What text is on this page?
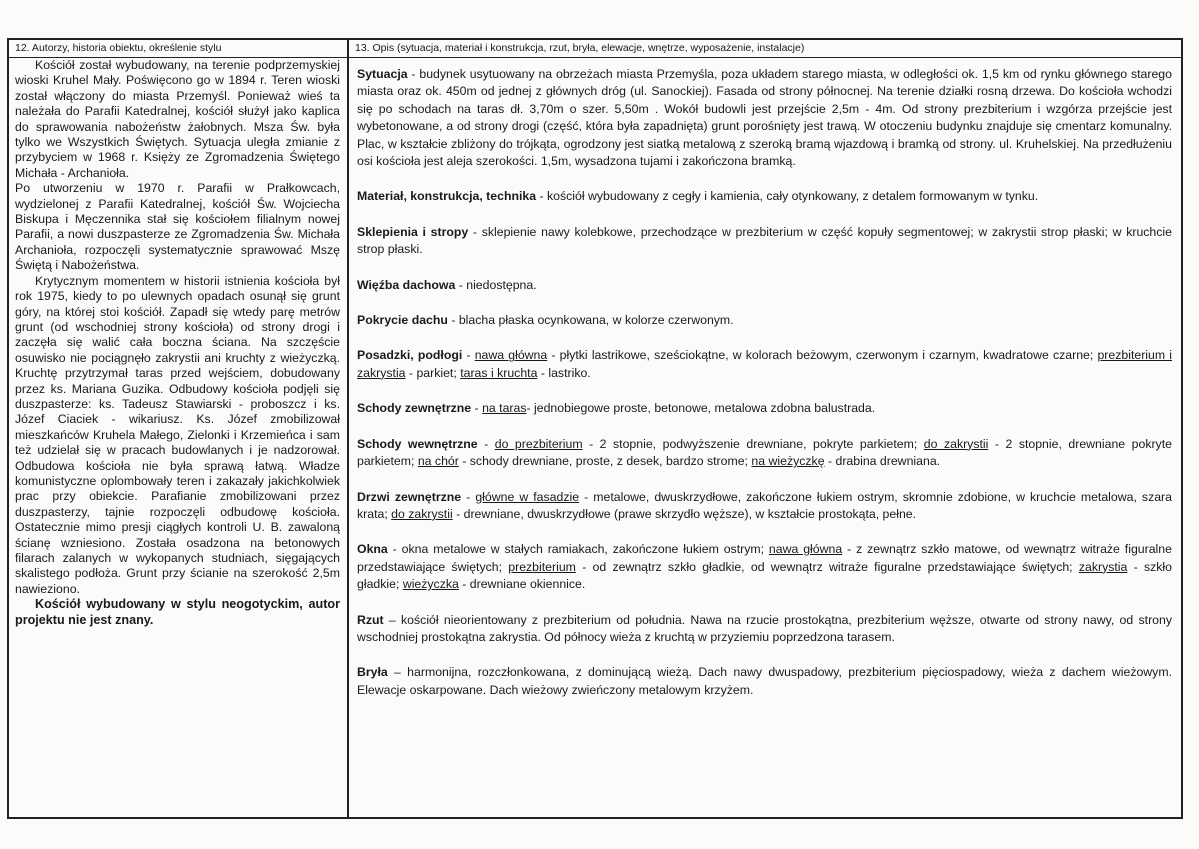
12. Autorzy, historia obiektu, określenie stylu	13. Opis (sytuacja, materiał i konstrukcja, rzut, bryła, elewacje, wnętrze, wyposażenie, instalacje)

Kościół został wybudowany, na terenie podprzemyskiej wioski Kruhel Mały. Poświęcono go w 1894 r. Teren wioski został włączony do miasta Przemyśl. Ponieważ wieś ta należała do Parafii Katedralnej, kościół służył jako kaplica do sprawowania nabożeństw żałobnych. Msza Św. była tylko we Wszystkich Świętych. Sytuacja uległa zmianie z przybyciem w 1968 r. Księży ze Zgromadzenia Świętego Michała - Archanioła.

Po utworzeniu w 1970 r. Parafii w Prałkowcach, wydzielonej z Parafii Katedralnej, kościół Św. Wojciecha Biskupa i Męczennika stał się kościołem filialnym nowej Parafii, a nowi duszpasterze ze Zgromadzenia Św. Michała Archanioła, rozpoczęli systematycznie sprawować Mszę Świętą i Nabożeństwa.

Krytycznym momentem w historii istnienia kościoła był rok 1975, kiedy to po ulewnych opadach osunął się grunt góry, na której stoi kościół. Zapadł się wtedy parę metrów grunt (od wschodniej strony kościoła) od strony drogi i zaczęła się walić cała boczna ściana. Na szczęście osuwisko nie pociągnęło zakrystii ani kruchty z wieżyczką. Kruchtę przytrzymał taras przed wejściem, dobudowany przez ks. Mariana Guzika. Odbudowy kościoła podjęli się duszpasterze: ks. Tadeusz Stawiarski - proboszcz i ks. Józef Ciaciek - wikariusz. Ks. Józef zmobilizował mieszkańców Kruhela Małego, Zielonki i Krzemieńca i sam też udzielał się w pracach budowlanych i je nadzorował. Odbudowa kościoła nie była sprawą łatwą. Władze komunistyczne oplombowały teren i zakazały jakichkolwiek prac przy obiekcie. Parafianie zmobilizowani przez duszpasterzy, tajnie rozpoczęli odbudowę kościoła. Ostatecznie mimo presji ciągłych kontroli U. B. zawaloną ścianę wzniesiono. Została osadzona na betonowych filarach zalanych w wykopanych studniach, sięgających skalistego podłoża. Grunt przy ścianie na szerokość 2,5m nawieziono.

Kościół wybudowany w stylu neogotyckim, autor projektu nie jest znany.

Sytuacja - budynek usytuowany na obrzeżach miasta Przemyśla, poza układem starego miasta, w odległości ok. 1,5 km od rynku głównego starego miasta oraz ok. 450m od jednej z głównych dróg (ul. Sanockiej). Fasada od strony północnej. Na terenie działki rosną drzewa. Do kościoła wchodzi się po schodach na taras dł. 3,70m o szer. 5,50m . Wokół budowli jest przejście 2,5m - 4m. Od strony prezbiterium i wzgórza przejście jest wybetonowane, a od strony drogi (część, która była zapadnięta) grunt porośnięty jest trawą. W otoczeniu budynku znajduje się cmentarz komunalny. Plac, w kształcie zbliżony do trójkąta, ogrodzony jest siatką metalową z szeroką bramą wjazdową i bramką od strony. ul. Kruhelskiej. Na przedłużeniu osi kościoła jest aleja szerokości. 1,5m, wysadzona tujami i zakończona bramką.

Materiał, konstrukcja, technika - kościół wybudowany z cegły i kamienia, cały otynkowany, z detalem formowanym w tynku.

Sklepienia i stropy - sklepienie nawy kolebkowe, przechodzące w prezbiterium w część kopuły segmentowej; w zakrystii strop płaski; w kruchcie strop płaski.

Więźba dachowa - niedostępna.

Pokrycie dachu - blacha płaska ocynkowana, w kolorze czerwonym.

Posadzki, podłogi - nawa główna - płytki lastrikowe, sześciokątne, w kolorach beżowym, czerwonym i czarnym, kwadratowe czarne; prezbiterium i zakrystia - parkiet; taras i kruchta - lastriko.

Schody zewnętrzne - na taras- jednobiegowe proste, betonowe, metalowa zdobna balustrada.

Schody wewnętrzne - do prezbiterium - 2 stopnie, podwyższenie drewniane, pokryte parkietem; do zakrystii - 2 stopnie, drewniane pokryte parkietem; na chór - schody drewniane, proste, z desek, bardzo strome; na wieżyczkę - drabina drewniana.

Drzwi zewnętrzne - główne w fasadzie - metalowe, dwuskrzydłowe, zakończone łukiem ostrym, skromnie zdobione, w kruchcie metalowa, szara krata; do zakrystii - drewniane, dwuskrzydłowe (prawe skrzydło węższe), w kształcie prostokąta, pełne.

Okna - okna metalowe w stałych ramiakach, zakończone łukiem ostrym; nawa główna - z zewnątrz szkło matowe, od wewnątrz witraże figuralne przedstawiające świętych; prezbiterium - od zewnątrz szkło gładkie, od wewnątrz witraże figuralne przedstawiające świętych; zakrystia - szkło gładkie; wieżyczka - drewniane okiennice.

Rzut – kościół nieorientowany z prezbiterium od południa. Nawa na rzucie prostokątna, prezbiterium węższe, otwarte od strony nawy, od strony wschodniej prostokątna zakrystia. Od północy wieża z kruchtą w przyziemiu poprzedzona tarasem.

Bryła – harmonijna, rozczłonkowana, z dominującą wieżą. Dach nawy dwuspadowy, prezbiterium pięciospadowy, wieża z dachem wieżowym. Elewacje oskarpowane. Dach wieżowy zwieńczony metalowym krzyżem.
